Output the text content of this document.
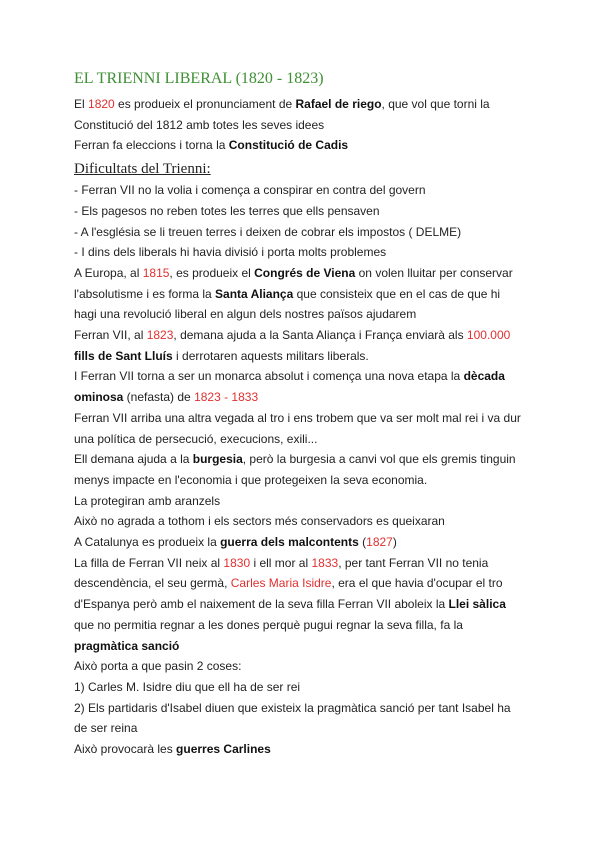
EL TRIENNI LIBERAL (1820 - 1823)
El 1820 es produeix el pronunciament de Rafael de riego, que vol que torni la
Constitució del 1812 amb totes les seves idees
Ferran fa eleccions i torna la Constitució de Cadis
Dificultats del Trienni:
- Ferran VII no la volia i comença a conspirar en contra del govern
- Els pagesos no reben totes les terres que ells pensaven
- A l'església se li treuen terres i deixen de cobrar els impostos ( DELME)
- I dins dels liberals hi havia divisió i porta molts problemes
A Europa, al 1815, es produeix el Congrés de Viena on volen lluitar per conservar
l'absolutisme i es forma la Santa Aliança que consisteix que en el cas de que hi
hagi una revolució liberal en algun dels nostres països ajudarem
Ferran VII, al 1823, demana ajuda a la Santa Aliança i França enviarà als 100.000
fills de Sant Lluís i derrotaren aquests militars liberals.
I Ferran VII torna a ser un monarca absolut i comença una nova etapa la dècada
ominosa (nefasta) de 1823 - 1833
Ferran VII arriba una altra vegada al tro i ens trobem que va ser molt mal rei i va dur
una política de persecució, execucions, exili...
Ell demana ajuda a la burgesia, però la burgesia a canvi vol que els gremis tinguin
menys impacte en l'economia i que protegeixen la seva economia.
La protegiran amb aranzels
Això no agrada a tothom i els sectors més conservadors es queixaran
A Catalunya es produeix la guerra dels malcontents (1827)
La filla de Ferran VII neix al 1830 i ell mor al 1833, per tant Ferran VII no tenia
descendència, el seu germà, Carles Maria Isidre, era el que havia d'ocupar el tro
d'Espanya però amb el naixement de la seva filla Ferran VII aboleix la Llei sàlica
que no permitia regnar a les dones perquè pugui regnar la seva filla, fa la
pragmàtica sanció
Això porta a que pasin 2 coses:
1) Carles M. Isidre diu que ell ha de ser rei
2) Els partidaris d'Isabel diuen que existeix la pragmàtica sanció per tant Isabel ha
de ser reina
Això provocarà les guerres Carlines
